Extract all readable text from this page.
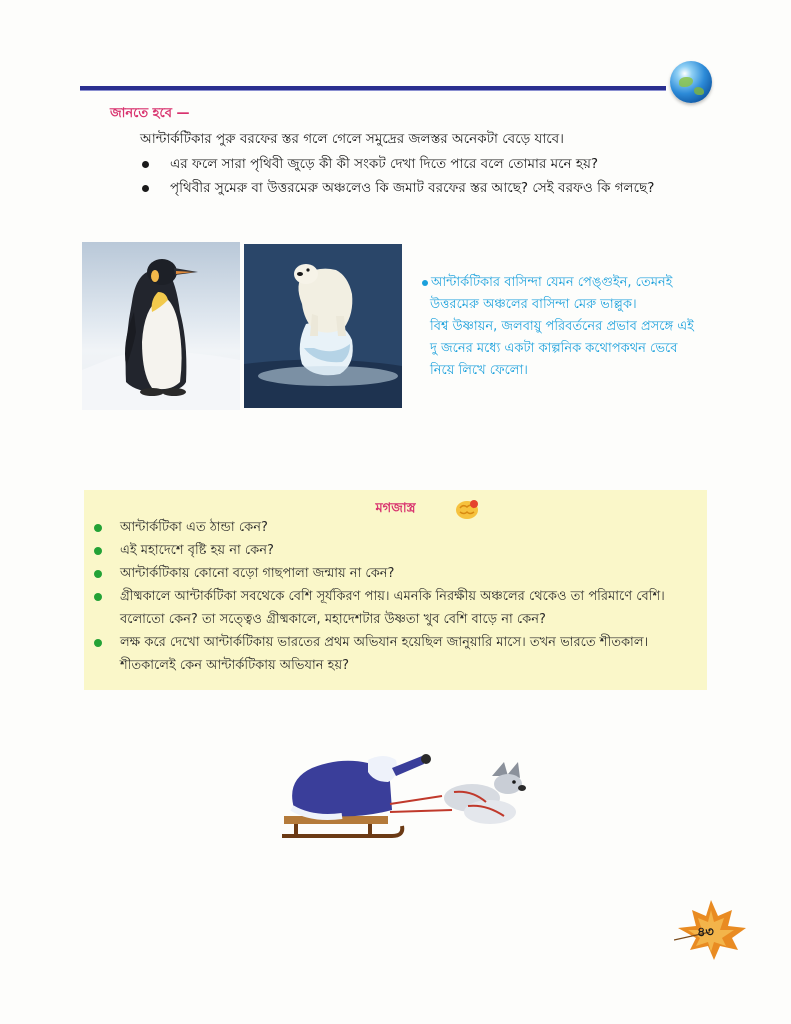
জানতে হবে —
আন্টার্কটিকার পুরু বরফের স্তর গলে গেলে সমুদ্রের জলস্তর অনেকটা বেড়ে যাবে।
এর ফলে সারা পৃথিবী জুড়ে কী কী সংকট দেখা দিতে পারে বলে তোমার মনে হয়?
পৃথিবীর সুমেরু বা উত্তরমেরু অঞ্চলেও কি জমাট বরফের স্তর আছে? সেই বরফও কি গলছে?

আন্টার্কটিকার বাসিন্দা যেমন পেঙ্গুইন, তেমনই

উত্তরমেরু অঞ্চলের বাসিন্দা মেরু ভাল্লুক।

বিশ্ব উষ্ণায়ন, জলবায়ু পরিবর্তনের প্রভাব প্রসঙ্গে এই

দু জনের মধ্যে একটা কাল্পনিক কথোপকথন ভেবে

নিয়ে লিখে ফেলো।

মগজাস্ত্র
আন্টার্কটিকা এত ঠান্ডা কেন?
এই মহাদেশে বৃষ্টি হয় না কেন?
আন্টার্কটিকায় কোনো বড়ো গাছপালা জন্মায় না কেন?
গ্রীষ্মকালে আন্টার্কটিকা সবথেকে বেশি সূর্যকিরণ পায়। এমনকি নিরক্ষীয় অঞ্চলের থেকেও তা পরিমাণে বেশি। বলোতো কেন? তা সত্ত্বেও গ্রীষ্মকালে, মহাদেশটার উষ্ণতা খুব বেশি বাড়ে না কেন?
লক্ষ করে দেখো আন্টার্কটিকায় ভারতের প্রথম অভিযান হয়েছিল জানুয়ারি মাসে। তখন ভারতে শীতকাল। শীতকালেই কেন আন্টার্কটিকায় অভিযান হয়?
৪৩
